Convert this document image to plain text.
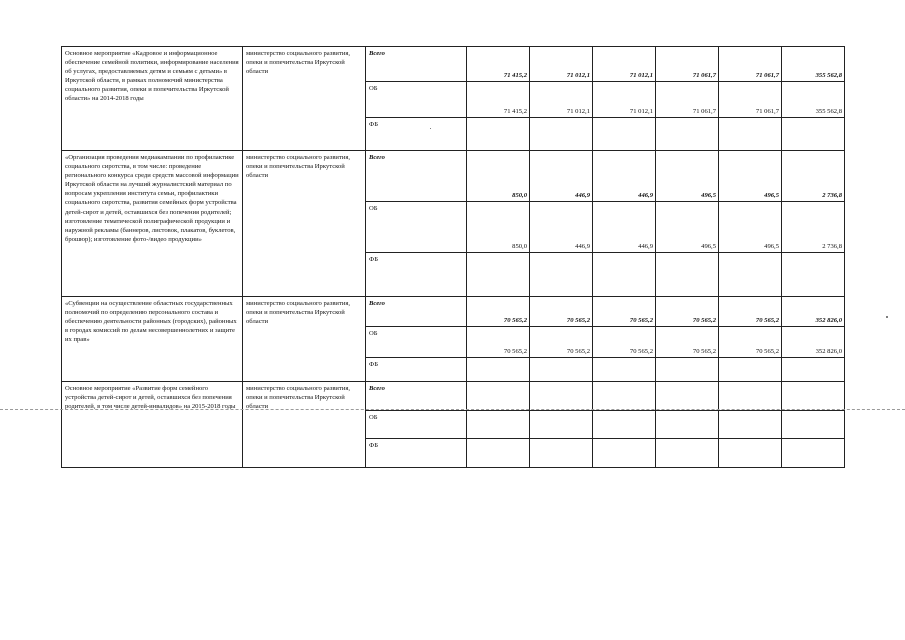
Основное мероприятие «Кадровое и информационное обеспечение семейной политики, информирование населения об услугах, предоставляемых детям и семьям с детьми» в Иркутской области, в рамках полномочий министерства социального развития, опеки и попечительства Иркутской области» на 2014-2018 годы	министерство социального развития, опеки и попечительства Иркутской области	Всего	71 415,2	71 012,1	71 012,1	71 061,7	71 061,7	355 562,8
		ОБ	71 415,2	71 012,1	71 012,1	71 061,7	71 061,7	355 562,8
		ФБ						
«Организация проведения медиакампании по профилактике социального сиротства, в том числе: проведение регионального конкурса среди средств массовой информации Иркутской области на лучший журналистский материал по вопросам укрепления института семьи, профилактики социального сиротства, развития семейных форм устройства детей-сирот и детей, оставшихся без попечения родителей; изготовление тематической полиграфической продукции и наружной рекламы (баннеров, листовок, плакатов, буклетов, брошюр); изготовление фото-/видео продукции»	министерство социального развития, опеки и попечительства Иркутской области	Всего	850,0	446,9	446,9	496,5	496,5	2 736,8
		ОБ	850,0	446,9	446,9	496,5	496,5	2 736,8
		ФБ						
«Субвенции на осуществление областных государственных полномочий по определению персонального состава и обеспечению деятельности районных (городских), районных в городах комиссий по делам несовершеннолетних и защите их прав»	министерство социального развития, опеки и попечительства Иркутской области	Всего	70 565,2	70 565,2	70 565,2	70 565,2	70 565,2	352 826,0
		ОБ	70 565,2	70 565,2	70 565,2	70 565,2	70 565,2	352 826,0
		ФБ						
Основное мероприятие «Развитие форм семейного устройства детей-сирот и детей, оставшихся без попечения родителей, в том числе детей-инвалидов» на 2015-2018 годы	министерство социального развития, опеки и попечительства Иркутской области	Всего						
		ОБ						
		ФБ						
